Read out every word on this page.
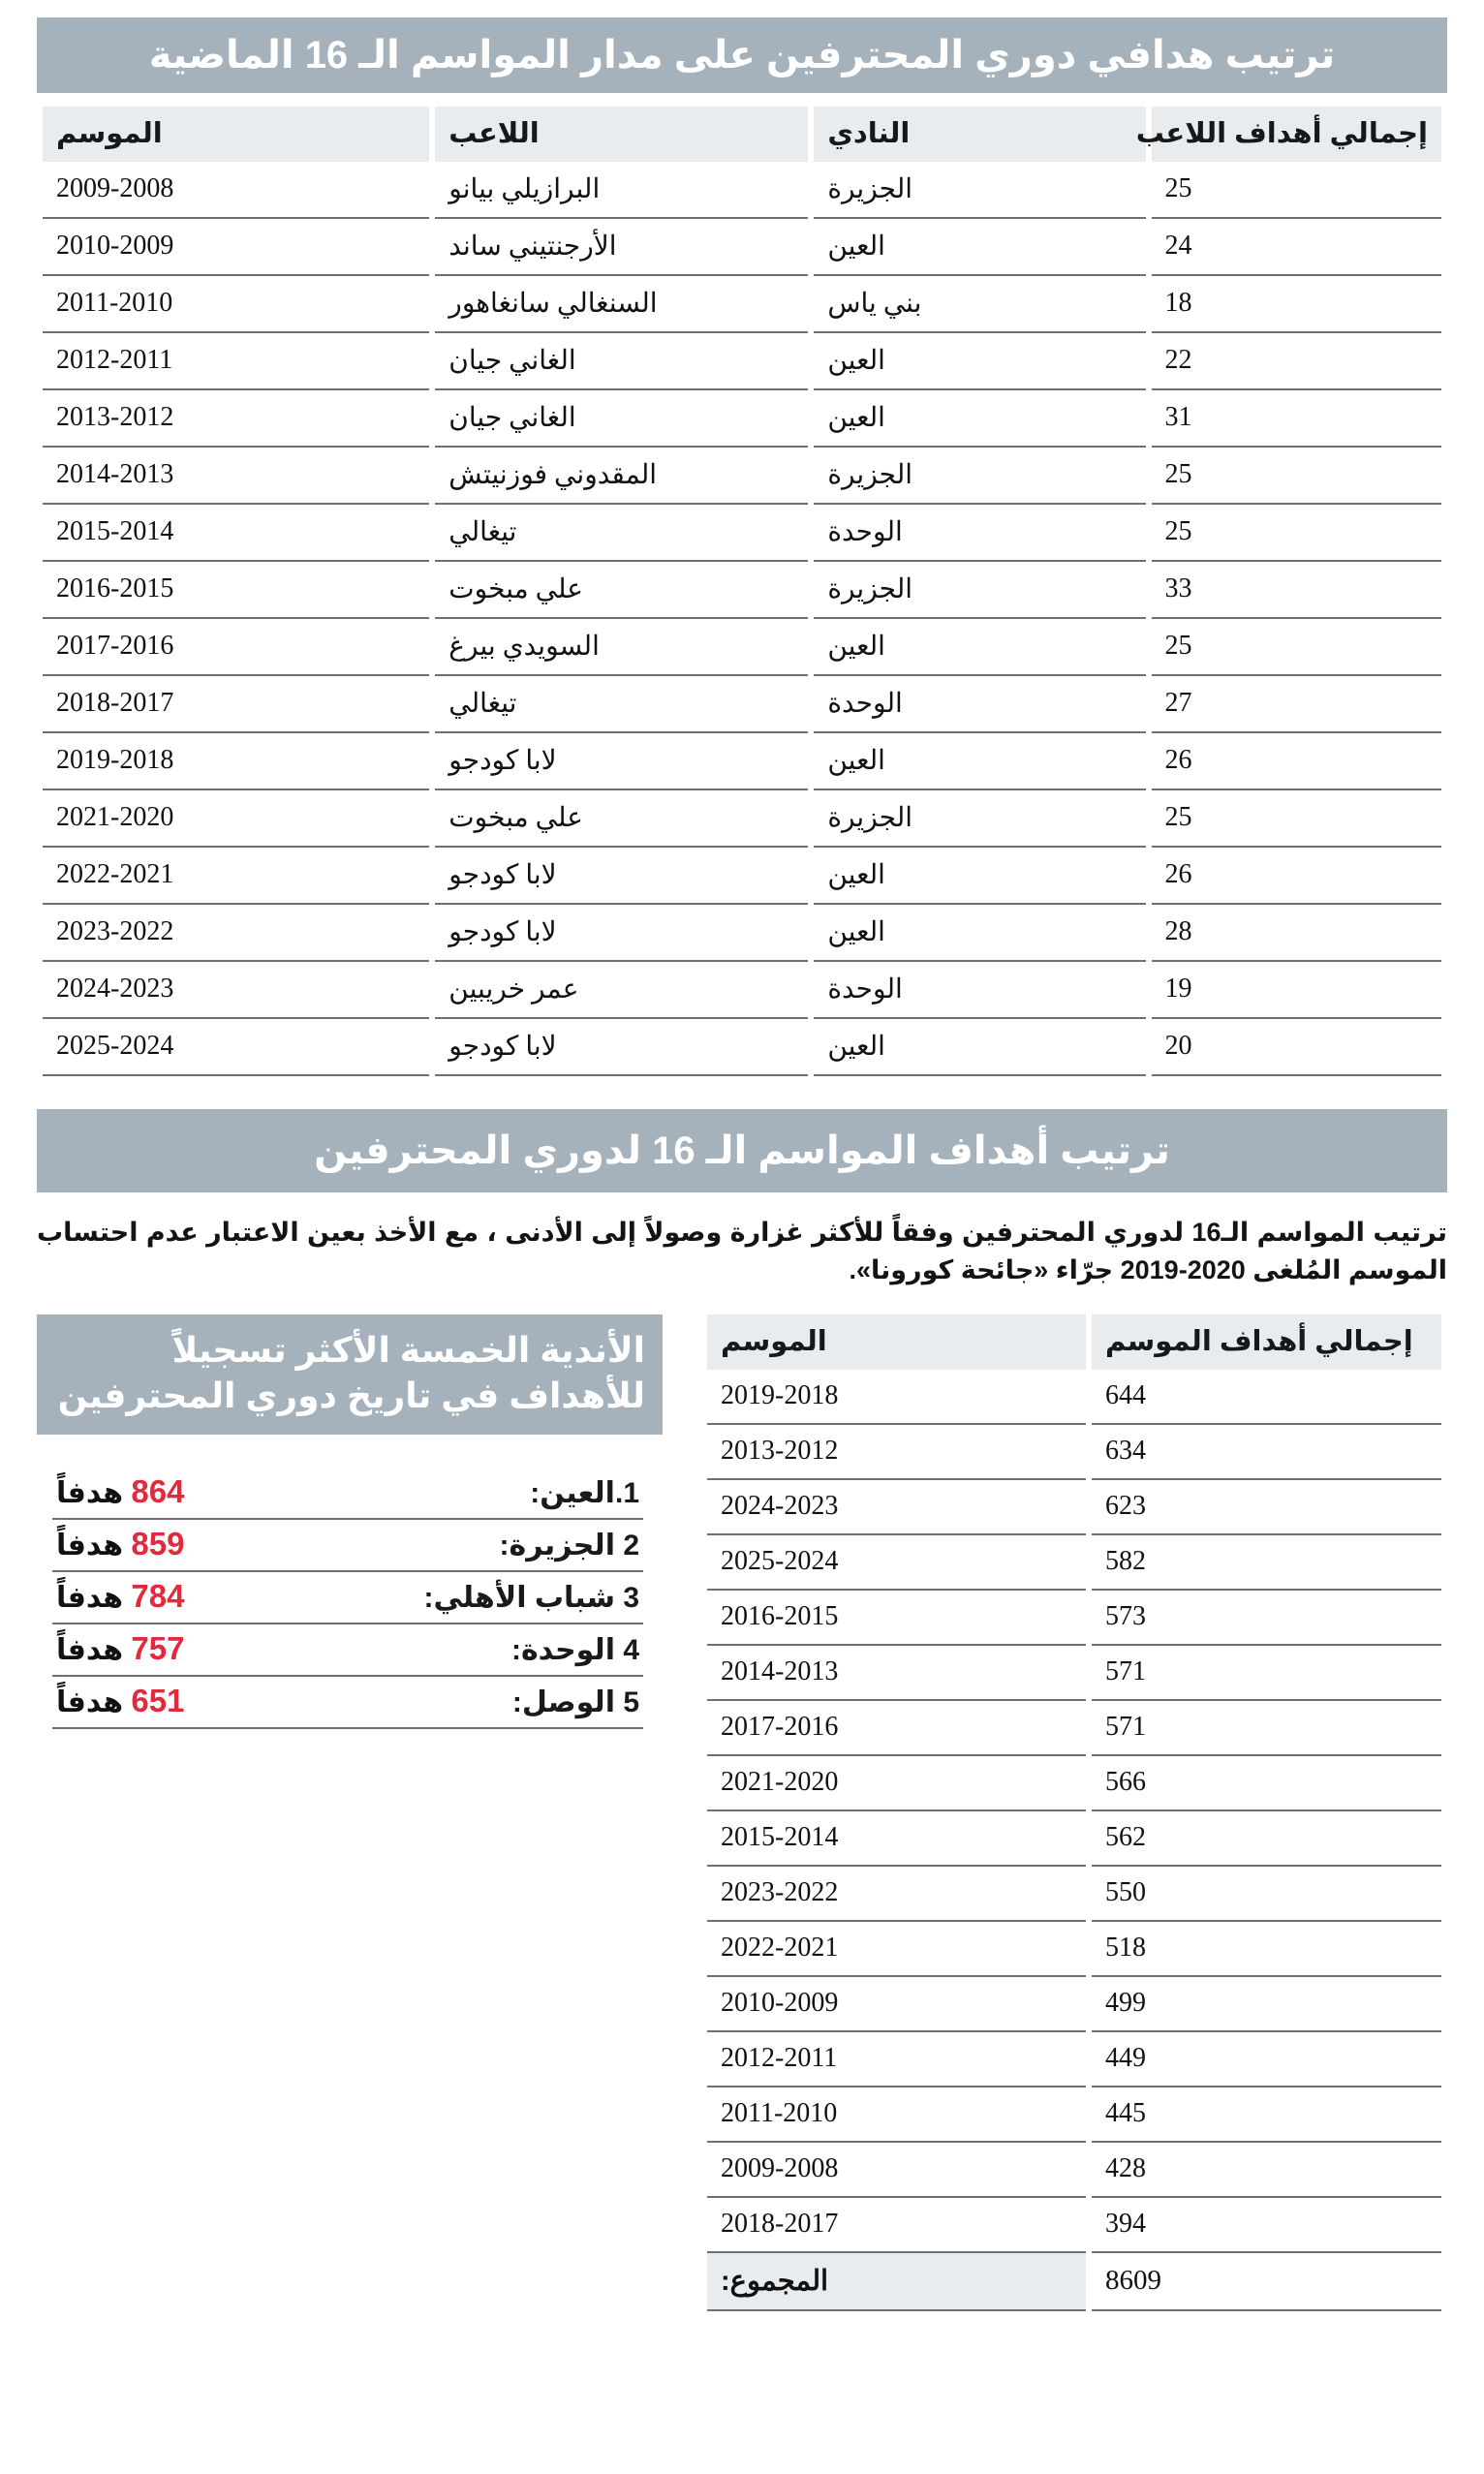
ترتيب هدافي دوري المحترفين على مدار المواسم الـ 16 الماضية
إجمالي أهداف اللاعب	النادي	اللاعب	الموسم
25	الجزيرة	البرازيلي بيانو	2009-2008
24	العين	الأرجنتيني ساند	2010-2009
18	بني ياس	السنغالي سانغاهور	2011-2010
22	العين	الغاني جيان	2012-2011
31	العين	الغاني جيان	2013-2012
25	الجزيرة	المقدوني فوزنيتش	2014-2013
25	الوحدة	تيغالي	2015-2014
33	الجزيرة	علي مبخوت	2016-2015
25	العين	السويدي بيرغ	2017-2016
27	الوحدة	تيغالي	2018-2017
26	العين	لابا كودجو	2019-2018
25	الجزيرة	علي مبخوت	2021-2020
26	العين	لابا كودجو	2022-2021
28	العين	لابا كودجو	2023-2022
19	الوحدة	عمر خريبين	2024-2023
20	العين	لابا كودجو	2025-2024
ترتيب أهداف المواسم الـ 16 لدوري المحترفين
ترتيب المواسم الـ16 لدوري المحترفين وفقاً للأكثر غزارة وصولاً إلى الأدنى ، مع الأخذ بعين الاعتبار عدم احتساب الموسم المُلغى 2020-2019 جرّاء «جائحة كورونا».
إجمالي أهداف الموسم	الموسم
644	2019-2018
634	2013-2012
623	2024-2023
582	2025-2024
573	2016-2015
571	2014-2013
571	2017-2016
566	2021-2020
562	2015-2014
550	2023-2022
518	2022-2021
499	2010-2009
449	2012-2011
445	2011-2010
428	2009-2008
394	2018-2017
8609	المجموع:
الأندية الخمسة الأكثر تسجيلاً للأهداف في تاريخ دوري المحترفين
1.العين:
864 هدفاً
2 الجزيرة:
859 هدفاً
3 شباب الأهلي:
784 هدفاً
4 الوحدة:
757 هدفاً
5 الوصل:
651 هدفاً
